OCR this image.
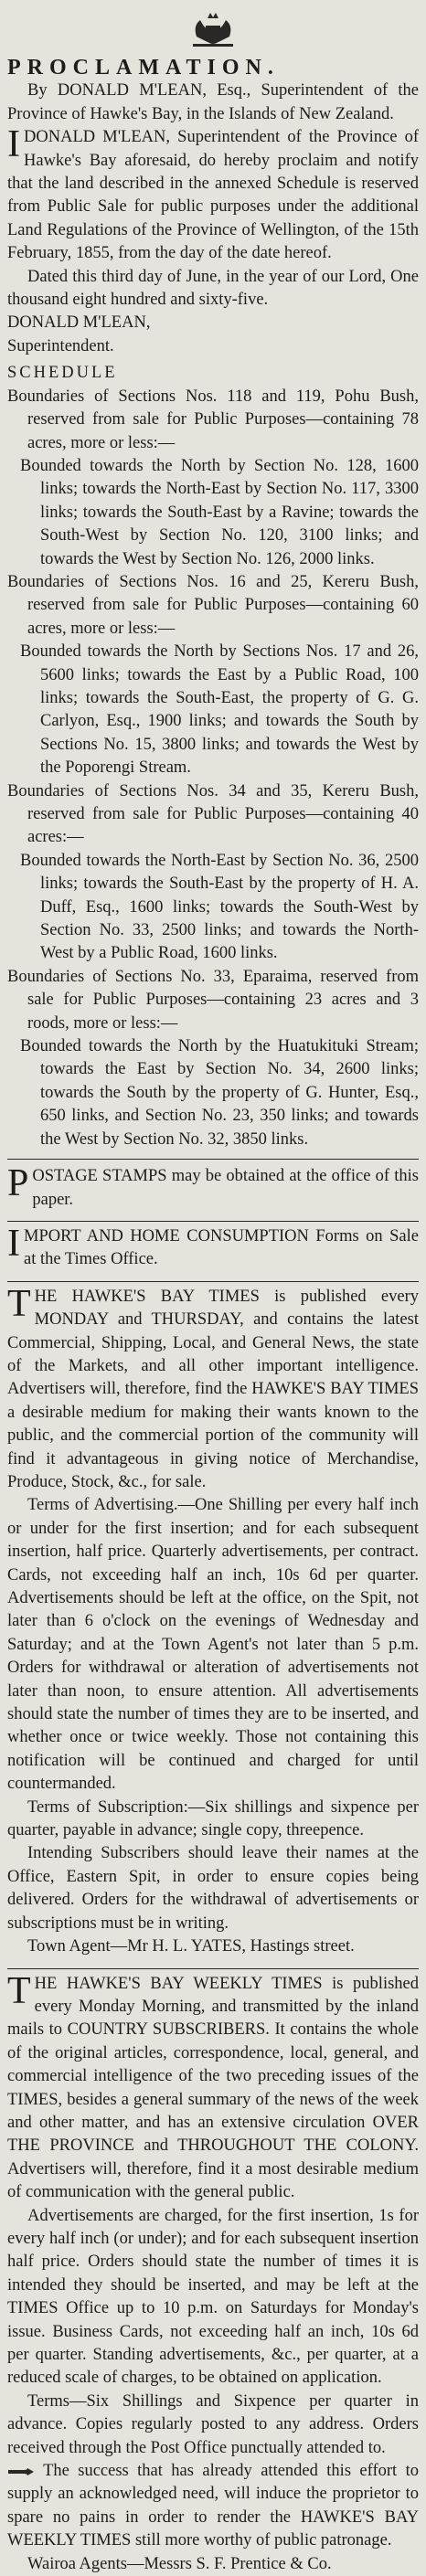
PROCLAMATION.

By DONALD M'LEAN, Esq., Superintendent of the Province of Hawke's Bay, in the Islands of New Zealand.

IDONALD M'LEAN, Superintendent of the Province of Hawke's Bay aforesaid, do hereby proclaim and notify that the land described in the annexed Schedule is reserved from Public Sale for public purposes under the additional Land Regulations of the Province of Wellington, of the 15th February, 1855, from the day of the date hereof.

Dated this third day of June, in the year of our Lord, One thousand eight hundred and sixty-five.

DONALD M'LEAN,

Superintendent.

SCHEDULE

Boundaries of Sections Nos. 118 and 119, Pohu Bush, reserved from sale for Public Purposes—containing 78 acres, more or less:—

Bounded towards the North by Section No. 128, 1600 links; towards the North-East by Section No. 117, 3300 links; towards the South-East by a Ravine; towards the South-West by Section No. 120, 3100 links; and towards the West by Section No. 126, 2000 links.

Boundaries of Sections Nos. 16 and 25, Kereru Bush, reserved from sale for Public Purposes—containing 60 acres, more or less:—

Bounded towards the North by Sections Nos. 17 and 26, 5600 links; towards the East by a Public Road, 100 links; towards the South-East, the property of G. G. Carlyon, Esq., 1900 links; and towards the South by Sections No. 15, 3800 links; and towards the West by the Poporengi Stream.

Boundaries of Sections Nos. 34 and 35, Kereru Bush, reserved from sale for Public Purposes—containing 40 acres:—

Bounded towards the North-East by Section No. 36, 2500 links; towards the South-East by the property of H. A. Duff, Esq., 1600 links; towards the South-West by Section No. 33, 2500 links; and towards the North-West by a Public Road, 1600 links.

Boundaries of Sections No. 33, Eparaima, reserved from sale for Public Purposes—containing 23 acres and 3 roods, more or less:—

Bounded towards the North by the Huatukituki Stream; towards the East by Section No. 34, 2600 links; towards the South by the property of G. Hunter, Esq., 650 links, and Section No. 23, 350 links; and towards the West by Section No. 32, 3850 links.

POSTAGE STAMPS may be obtained at the office of this paper.

IMPORT AND HOME CONSUMPTION Forms on Sale at the Times Office.

THE HAWKE'S BAY TIMES is published every MONDAY and THURSDAY, and contains the latest Commercial, Shipping, Local, and General News, the state of the Markets, and all other important intelligence. Advertisers will, therefore, find the HAWKE'S BAY TIMES a desirable medium for making their wants known to the public, and the commercial portion of the community will find it advantageous in giving notice of Merchandise, Produce, Stock, &c., for sale.

Terms of Advertising.—One Shilling per every half inch or under for the first insertion; and for each subsequent insertion, half price. Quarterly advertisements, per contract. Cards, not exceeding half an inch, 10s 6d per quarter. Advertisements should be left at the office, on the Spit, not later than 6 o'clock on the evenings of Wednesday and Saturday; and at the Town Agent's not later than 5 p.m. Orders for withdrawal or alteration of advertisements not later than noon, to ensure attention. All advertisements should state the number of times they are to be inserted, and whether once or twice weekly. Those not containing this notification will be continued and charged for until countermanded.

Terms of Subscription:—Six shillings and sixpence per quarter, payable in advance; single copy, threepence.

Intending Subscribers should leave their names at the Office, Eastern Spit, in order to ensure copies being delivered. Orders for the withdrawal of advertisements or subscriptions must be in writing.

Town Agent—Mr H. L. YATES, Hastings street.

THE HAWKE'S BAY WEEKLY TIMES is published every Monday Morning, and transmitted by the inland mails to COUNTRY SUBSCRIBERS. It contains the whole of the original articles, correspondence, local, general, and commercial intelligence of the two preceding issues of the TIMES, besides a general summary of the news of the week and other matter, and has an extensive circulation OVER THE PROVINCE and THROUGHOUT THE COLONY. Advertisers will, therefore, find it a most desirable medium of communication with the general public.

Advertisements are charged, for the first insertion, 1s for every half inch (or under); and for each subsequent insertion half price. Orders should state the number of times it is intended they should be inserted, and may be left at the TIMES Office up to 10 p.m. on Saturdays for Monday's issue. Business Cards, not exceeding half an inch, 10s 6d per quarter. Standing advertisements, &c., per quarter, at a reduced scale of charges, to be obtained on application.

Terms—Six Shillings and Sixpence per quarter in advance. Copies regularly posted to any address. Orders received through the Post Office punctually attended to.

The success that has already attended this effort to supply an acknowledged need, will induce the proprietor to spare no pains in order to render the HAWKE'S BAY WEEKLY TIMES still more worthy of public patronage.

Wairoa Agents—Messrs S. F. Prentice & Co.
